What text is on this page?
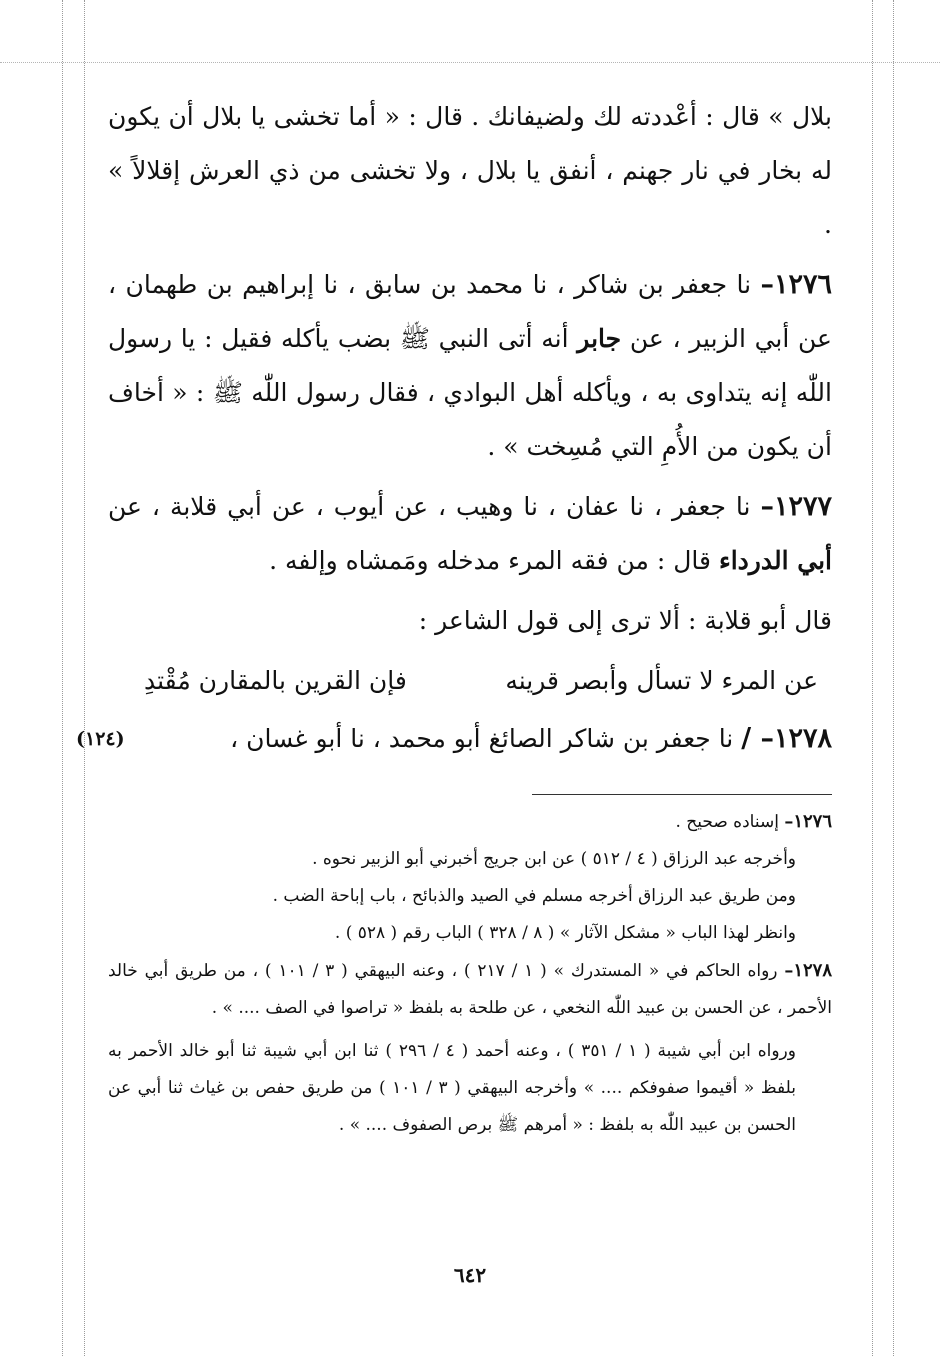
بلال » قال : أعْددته لك ولضيفانك . قال : « أما تخشى يا بلال أن يكون له بخار في نار جهنم ، أنفق يا بلال ، ولا تخشى من ذي العرش إقلالاً » .

١٢٧٦– نا جعفر بن شاكر ، نا محمد بن سابق ، نا إبراهيم بن طهمان ، عن أبي الزبير ، عن جابر أنه أتى النبي ﷺ بضب يأكله فقيل : يا رسول اللّٰه إنه يتداوى به ، ويأكله أهل البوادي ، فقال رسول اللّٰه ﷺ : « أخاف أن يكون من الأُمِ التي مُسِخت » .

١٢٧٧– نا جعفر ، نا عفان ، نا وهيب ، عن أيوب ، عن أبي قلابة ، عن أبي الدرداء قال : من فقه المرء مدخله ومَمشاه وإلفه .

قال أبو قلابة : ألا ترى إلى قول الشاعر :

عن المرء لا تسأل وأبصر قرينه
فإن القرين بالمقارن مُقْتدِ
١٢٧٨– / نا جعفر بن شاكر الصائغ أبو محمد ، نا أبو غسان ،
(١٢٤)

١٢٧٦– إسناده صحيح .

وأخرجه عبد الرزاق ( ٤ / ٥١٢ ) عن ابن جريج أخبرني أبو الزبير نحوه .

ومن طريق عبد الرزاق أخرجه مسلم في الصيد والذبائح ، باب إباحة الضب .

وانظر لهذا الباب « مشكل الآثار » ( ٨ / ٣٢٨ ) الباب رقم ( ٥٢٨ ) .

١٢٧٨– رواه الحاكم في « المستدرك » ( ١ / ٢١٧ ) ، وعنه البيهقي ( ٣ / ١٠١ ) ، من طريق أبي خالد الأحمر ، عن الحسن بن عبيد اللّٰه النخعي ، عن طلحة به بلفظ « تراصوا في الصف .... » .

ورواه ابن أبي شيبة ( ١ / ٣٥١ ) ، وعنه أحمد ( ٤ / ٢٩٦ ) ثنا ابن أبي شيبة ثنا أبو خالد الأحمر به بلفظ « أقيموا صفوفكم .... » وأخرجه البيهقي ( ٣ / ١٠١ ) من طريق حفص بن غياث ثنا أبي عن الحسن بن عبيد اللّٰه به بلفظ : « أمرهم ﷺ برص الصفوف .... » .

٦٤٢
